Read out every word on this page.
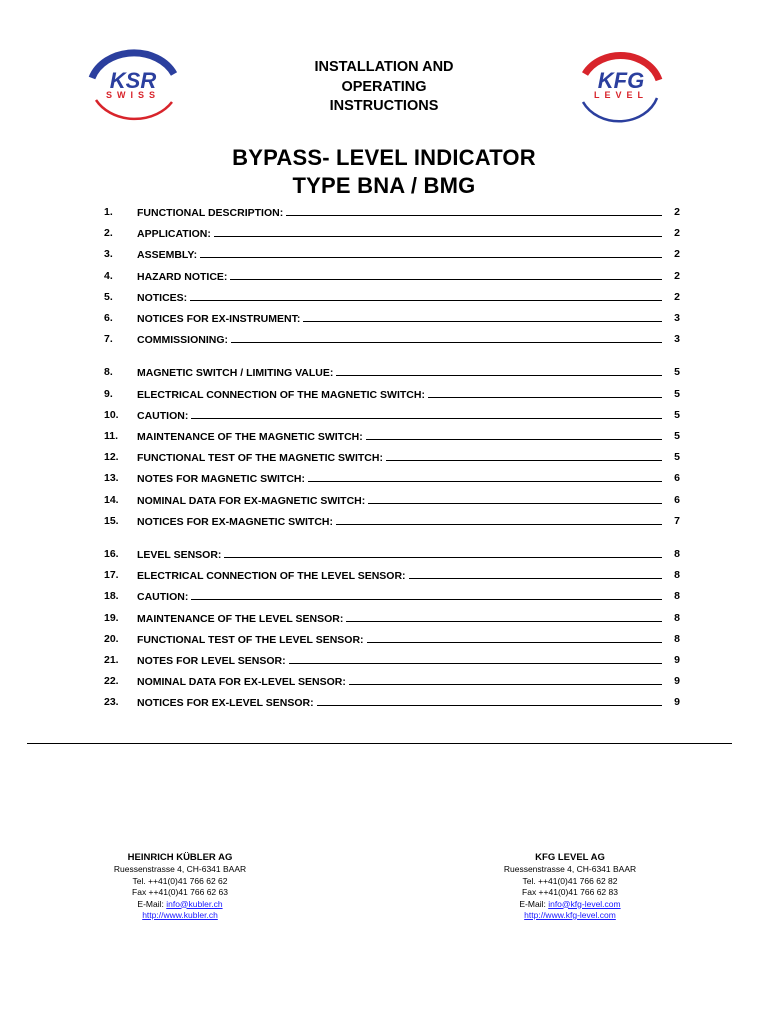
KSR
SWISS
KFG
LEVEL
INSTALLATION AND
OPERATING
INSTRUCTIONS
BYPASS- LEVEL INDICATOR
TYPE BNA / BMG
1.	FUNCTIONAL DESCRIPTION:	2
2.	APPLICATION:	2
3.	ASSEMBLY:	2
4.	HAZARD NOTICE:	2
5.	NOTICES:	2
6.	NOTICES FOR EX-INSTRUMENT:	3
7.	COMMISSIONING:	3
8.	MAGNETIC SWITCH / LIMITING VALUE:	5
9.	ELECTRICAL CONNECTION OF THE MAGNETIC SWITCH:	5
10.	CAUTION:	5
11.	MAINTENANCE OF THE MAGNETIC SWITCH:	5
12.	FUNCTIONAL TEST OF THE MAGNETIC SWITCH:	5
13.	NOTES FOR MAGNETIC SWITCH:	6
14.	NOMINAL DATA FOR EX-MAGNETIC SWITCH:	6
15.	NOTICES FOR EX-MAGNETIC SWITCH:	7
16.	LEVEL SENSOR:	8
17.	ELECTRICAL CONNECTION OF THE LEVEL SENSOR:	8
18.	CAUTION:	8
19.	MAINTENANCE OF THE LEVEL SENSOR:	8
20.	FUNCTIONAL TEST OF THE LEVEL SENSOR:	8
21.	NOTES FOR LEVEL SENSOR:	9
22.	NOMINAL DATA FOR EX-LEVEL SENSOR:	9
23.	NOTICES FOR EX-LEVEL SENSOR:	9
HEINRICH KÜBLER AG
Ruessenstrasse 4, CH-6341 BAAR
Tel. ++41(0)41 766 62 62
Fax ++41(0)41 766 62 63
E-Mail: info@kubler.ch
http://www.kubler.ch
KFG LEVEL AG
Ruessenstrasse 4, CH-6341 BAAR
Tel. ++41(0)41 766 62 82
Fax ++41(0)41 766 62 83
E-Mail: info@kfg-level.com
http://www.kfg-level.com
